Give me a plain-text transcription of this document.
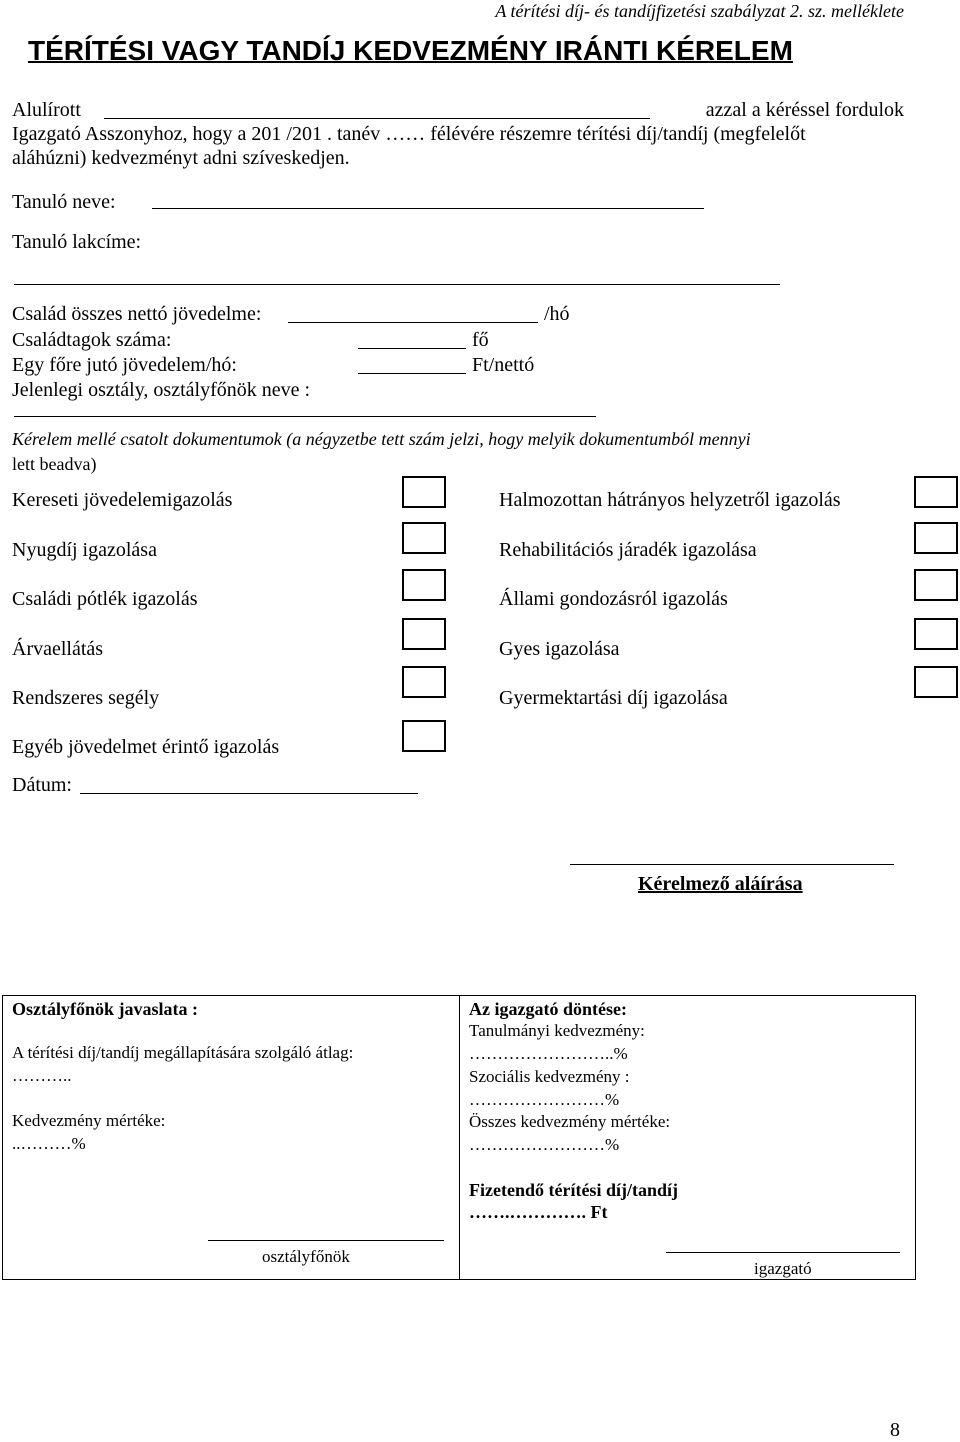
A térítési díj- és tandíjfizetési szabályzat 2. sz. melléklete
TÉRÍTÉSI VAGY TANDÍJ KEDVEZMÉNY IRÁNTI KÉRELEM
Alulírott	azzal a kéréssel fordulok
Igazgató Asszonyhoz, hogy a 201 /201 . tanév …… félévére részemre térítési díj/tandíj (megfelelőt
aláhúzni) kedvezményt adni szíveskedjen.
Tanuló neve:
Tanuló lakcíme:
Család összes nettó jövedelme:	/hó
Családtagok száma:	fő
Egy főre jutó jövedelem/hó:	Ft/nettó
Jelenlegi osztály, osztályfőnök neve :
Kérelem mellé csatolt dokumentumok (a négyzetbe tett szám jelzi, hogy melyik dokumentumból mennyi
lett beadva)
Kereseti jövedelemigazolás
Nyugdíj igazolása
Családi pótlék igazolás
Árvaellátás
Rendszeres segély
Egyéb jövedelmet érintő igazolás
Halmozottan hátrányos helyzetről igazolás
Rehabilitációs járadék igazolása
Állami gondozásról igazolás
Gyes igazolása
Gyermektartási díj igazolása
Dátum:
Kérelmező aláírása
Osztályfőnök javaslata :
A térítési díj/tandíj megállapítására szolgáló átlag:
………..
Kedvezmény mértéke:
..………%
osztályfőnök
Az igazgató döntése:
Tanulmányi kedvezmény:
……………………..%
Szociális kedvezmény :
……………………%
Összes kedvezmény mértéke:
……………………%
Fizetendő térítési díj/tandíj
…….…………. Ft
igazgató
8
